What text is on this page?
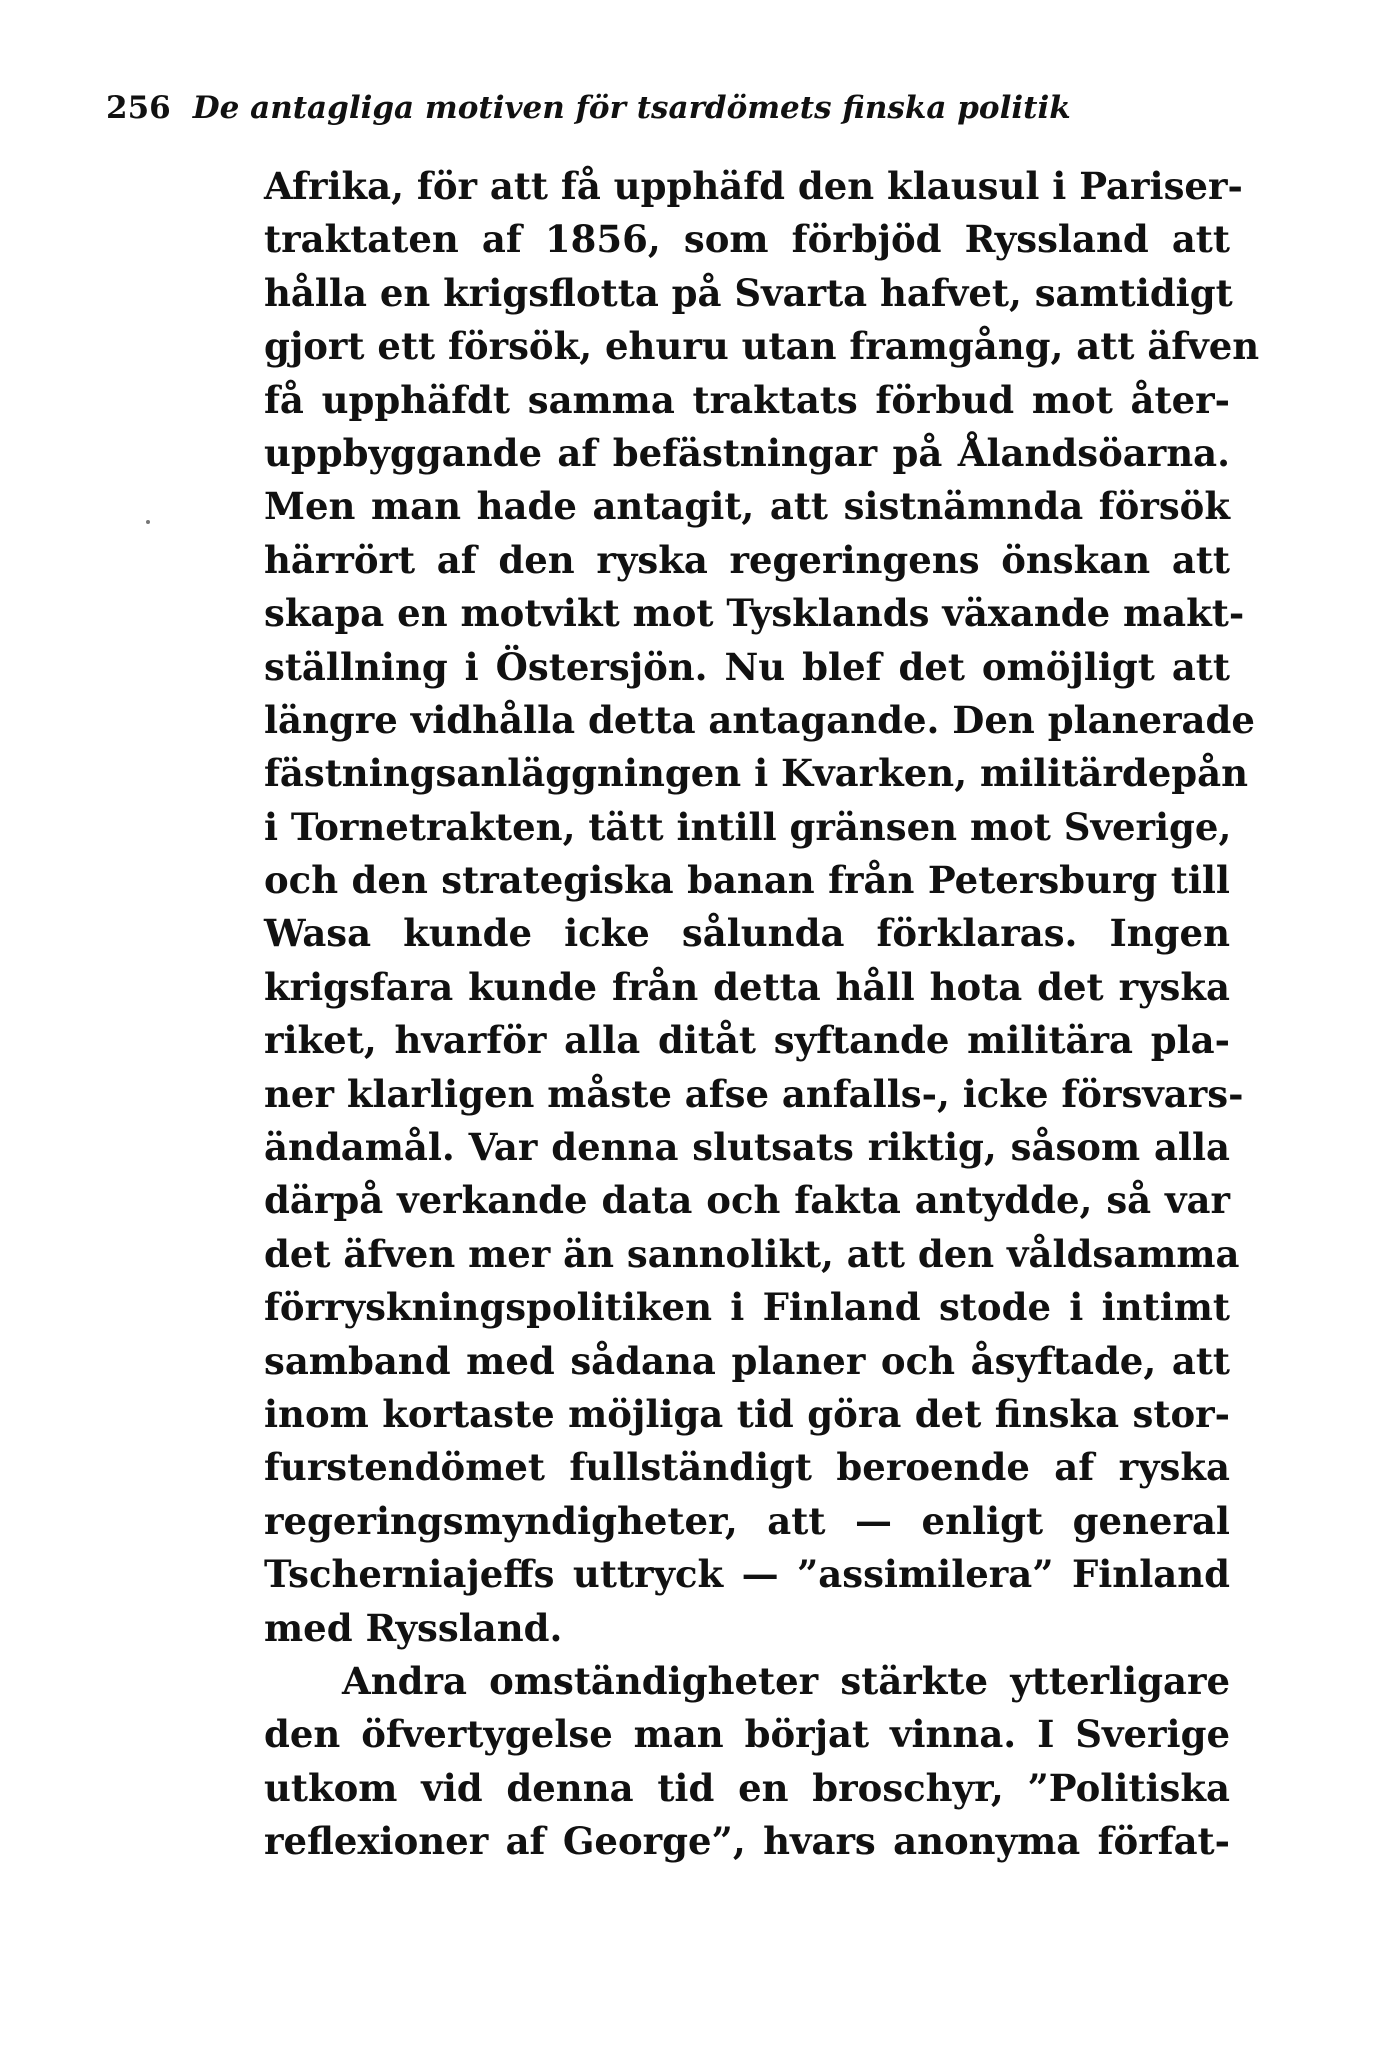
256 De antagliga motiven för tsardömets finska politik
Afrika, för att få upphäfd den klausul i Pariser-
traktaten af 1856, som förbjöd Ryssland att
hålla en krigsflotta på Svarta hafvet, samtidigt
gjort ett försök, ehuru utan framgång, att äfven
få upphäfdt samma traktats förbud mot åter-
uppbyggande af befästningar på Ålandsöarna.
Men man hade antagit, att sistnämnda försök
härrört af den ryska regeringens önskan att
skapa en motvikt mot Tysklands växande makt-
ställning i Östersjön. Nu blef det omöjligt att
längre vidhålla detta antagande. Den planerade
fästningsanläggningen i Kvarken, militärdepån
i Tornetrakten, tätt intill gränsen mot Sverige,
och den strategiska banan från Petersburg till
Wasa kunde icke sålunda förklaras. Ingen
krigsfara kunde från detta håll hota det ryska
riket, hvarför alla ditåt syftande militära pla-
ner klarligen måste afse anfalls-, icke försvars-
ändamål. Var denna slutsats riktig, såsom alla
därpå verkande data och fakta antydde, så var
det äfven mer än sannolikt, att den våldsamma
förryskningspolitiken i Finland stode i intimt
samband med sådana planer och åsyftade, att
inom kortaste möjliga tid göra det finska stor-
furstendömet fullständigt beroende af ryska
regeringsmyndigheter, att — enligt general
Tscherniajeffs uttryck — ”assimilera” Finland
med Ryssland.
Andra omständigheter stärkte ytterligare
den öfvertygelse man börjat vinna. I Sverige
utkom vid denna tid en broschyr, ”Politiska
reflexioner af George”, hvars anonyma förfat-
